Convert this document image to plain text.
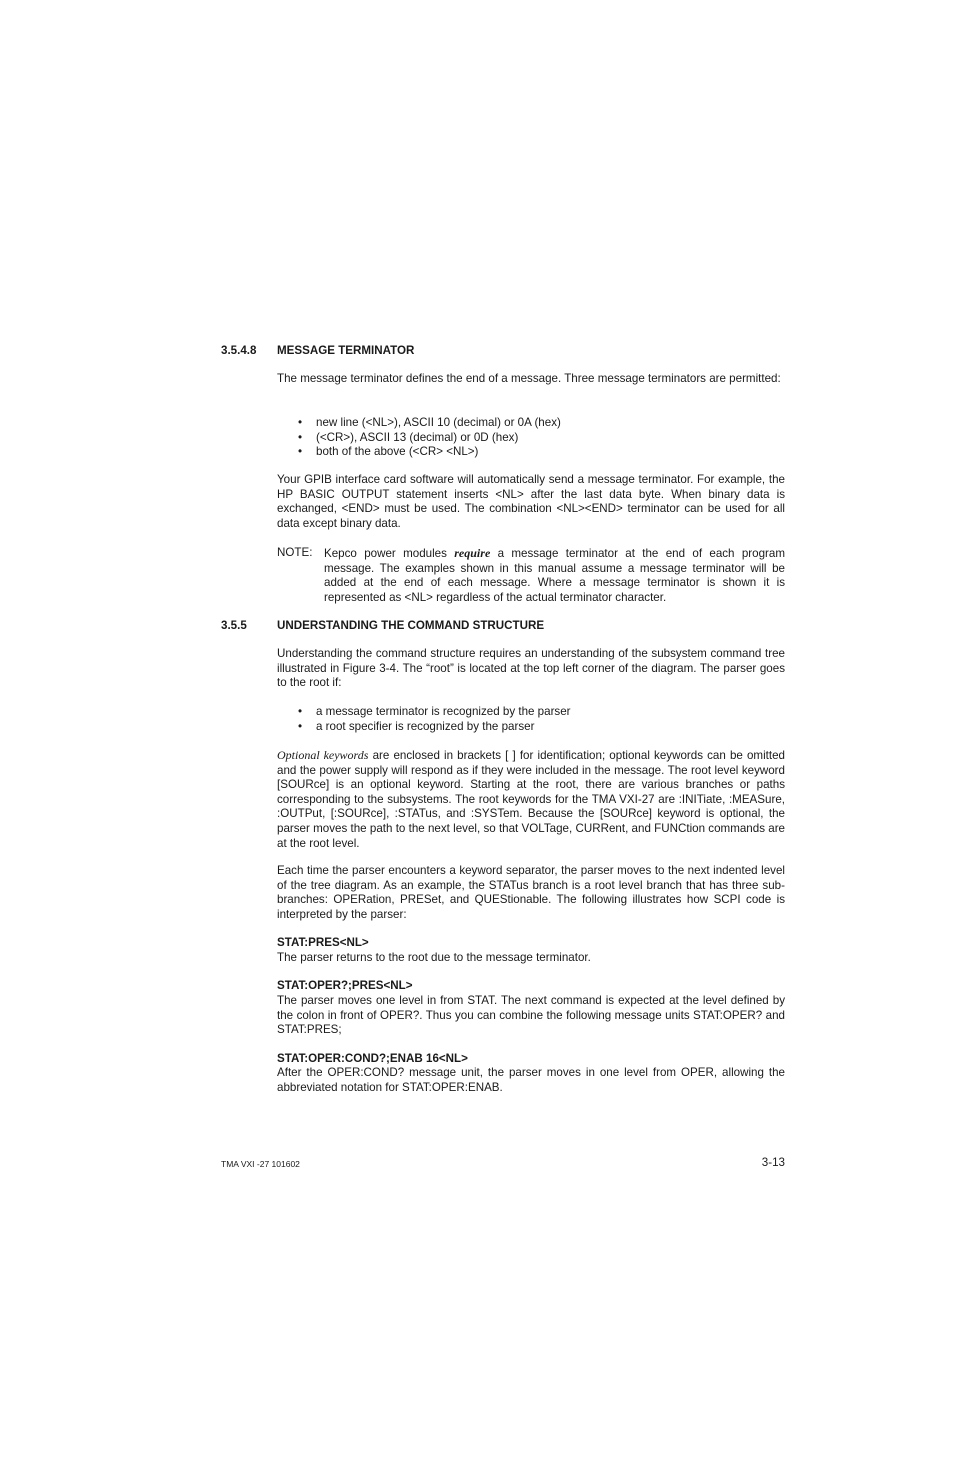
3.5.4.8 MESSAGE TERMINATOR

The message terminator defines the end of a message. Three message terminators are permitted:

• new line (<NL>), ASCII 10 (decimal) or 0A (hex)
• (<CR>), ASCII 13 (decimal) or 0D (hex)
• both of the above (<CR> <NL>)

Your GPIB interface card software will automatically send a message terminator. For example, the HP BASIC OUTPUT statement inserts <NL> after the last data byte. When binary data is exchanged, <END> must be used. The combination <NL><END> terminator can be used for all data except binary data.

NOTE: Kepco power modules require a message terminator at the end of each program message. The examples shown in this manual assume a message terminator will be added at the end of each message. Where a message terminator is shown it is represented as <NL> regardless of the actual terminator character.
3.5.5	UNDERSTANDING THE COMMAND STRUCTURE

Understanding the command structure requires an understanding of the subsystem command tree illustrated in Figure 3-4. The “root” is located at the top left corner of the diagram. The parser goes to the root if:

• a message terminator is recognized by the parser
• a root specifier is recognized by the parser

Optional keywords are enclosed in brackets [ ] for identification; optional keywords can be omitted and the power supply will respond as if they were included in the message. The root level keyword [SOURce] is an optional keyword. Starting at the root, there are various branches or paths corresponding to the subsystems. The root keywords for the TMA VXI-27 are :INITiate, :MEASure, :OUTPut, [:SOURce], :STATus, and :SYSTem. Because the [SOURce] keyword is optional, the parser moves the path to the next level, so that VOLTage, CURRent, and FUNCtion commands are at the root level.

Each time the parser encounters a keyword separator, the parser moves to the next indented level of the tree diagram. As an example, the STATus branch is a root level branch that has three sub-branches: OPERation, PRESet, and QUEStionable. The following illustrates how SCPI code is interpreted by the parser:

STAT:PRES<NL>

The parser returns to the root due to the message terminator.

STAT:OPER?;PRES<NL>

The parser moves one level in from STAT. The next command is expected at the level defined by the colon in front of OPER?. Thus you can combine the following message units STAT:OPER? and STAT:PRES;

STAT:OPER:COND?;ENAB 16<NL>

After the OPER:COND? message unit, the parser moves in one level from OPER, allowing the abbreviated notation for STAT:OPER:ENAB.

TMA VXI -27 101602	3-13
